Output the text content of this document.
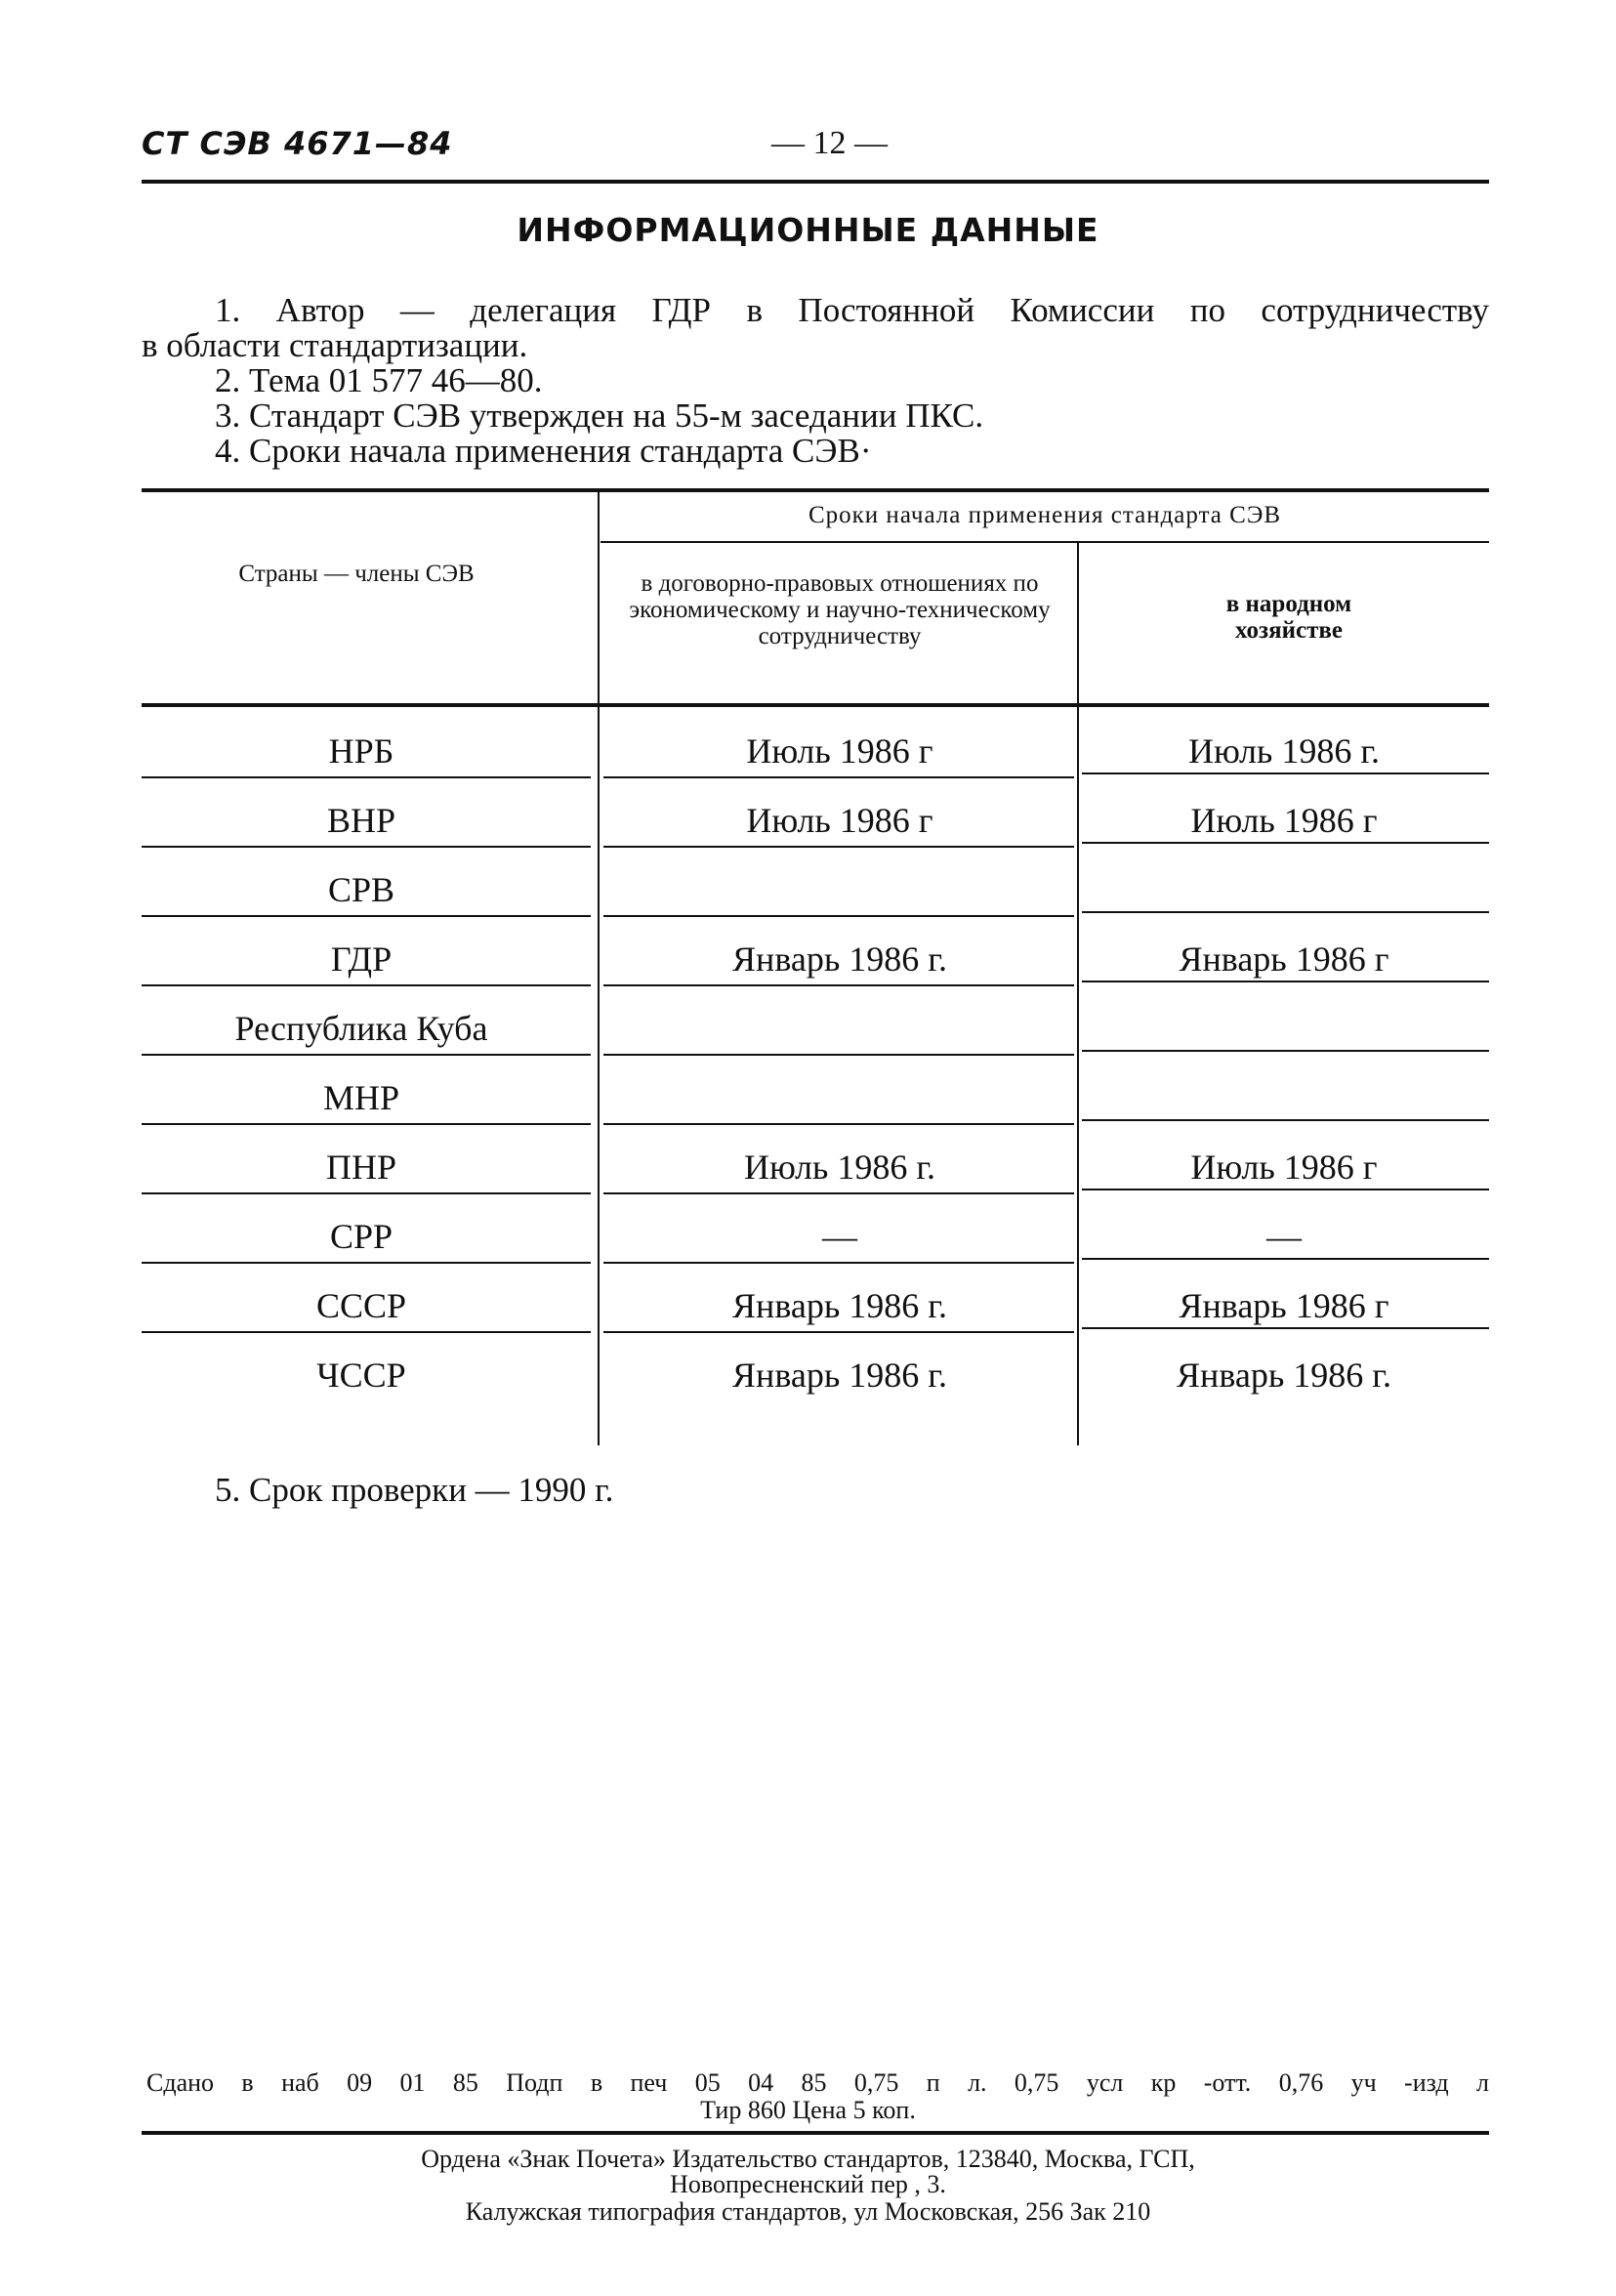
СТ СЭВ 4671—84	— 12 —
ИНФОРМАЦИОННЫЕ ДАННЫЕ
1. Автор — делегация ГДР в Постоянной Комиссии по сотрудничеству
в области стандартизации.
2. Тема 01 577 46—80.
3. Стандарт СЭВ утвержден на 55-м заседании ПКС.
4. Сроки начала применения стандарта СЭВ·
Страны — члены СЭВ
Сроки начала применения стандарта СЭВ
в договорно-правовых отношениях по экономическому и научно-техническому сотрудничеству
в народном хозяйстве
НРБ	Июль 1986 г	Июль 1986 г.
ВНР	Июль 1986 г	Июль 1986 г
СРВ
ГДР	Январь 1986 г.	Январь 1986 г
Республика Куба
МНР
ПНР	Июль 1986 г.	Июль 1986 г
СРР	—	—
СССР	Январь 1986 г.	Январь 1986 г
ЧССР	Январь 1986 г.	Январь 1986 г.
5. Срок проверки — 1990 г.
Сдано в наб 09 01 85 Подп в печ 05 04 85 0,75 п л. 0,75 усл кр -отт. 0,76 уч -изд л
Тир 860 Цена 5 коп.
Ордена «Знак Почета» Издательство стандартов, 123840, Москва, ГСП,
Новопресненский пер , 3.
Калужская типография стандартов, ул Московская, 256 Зак 210
